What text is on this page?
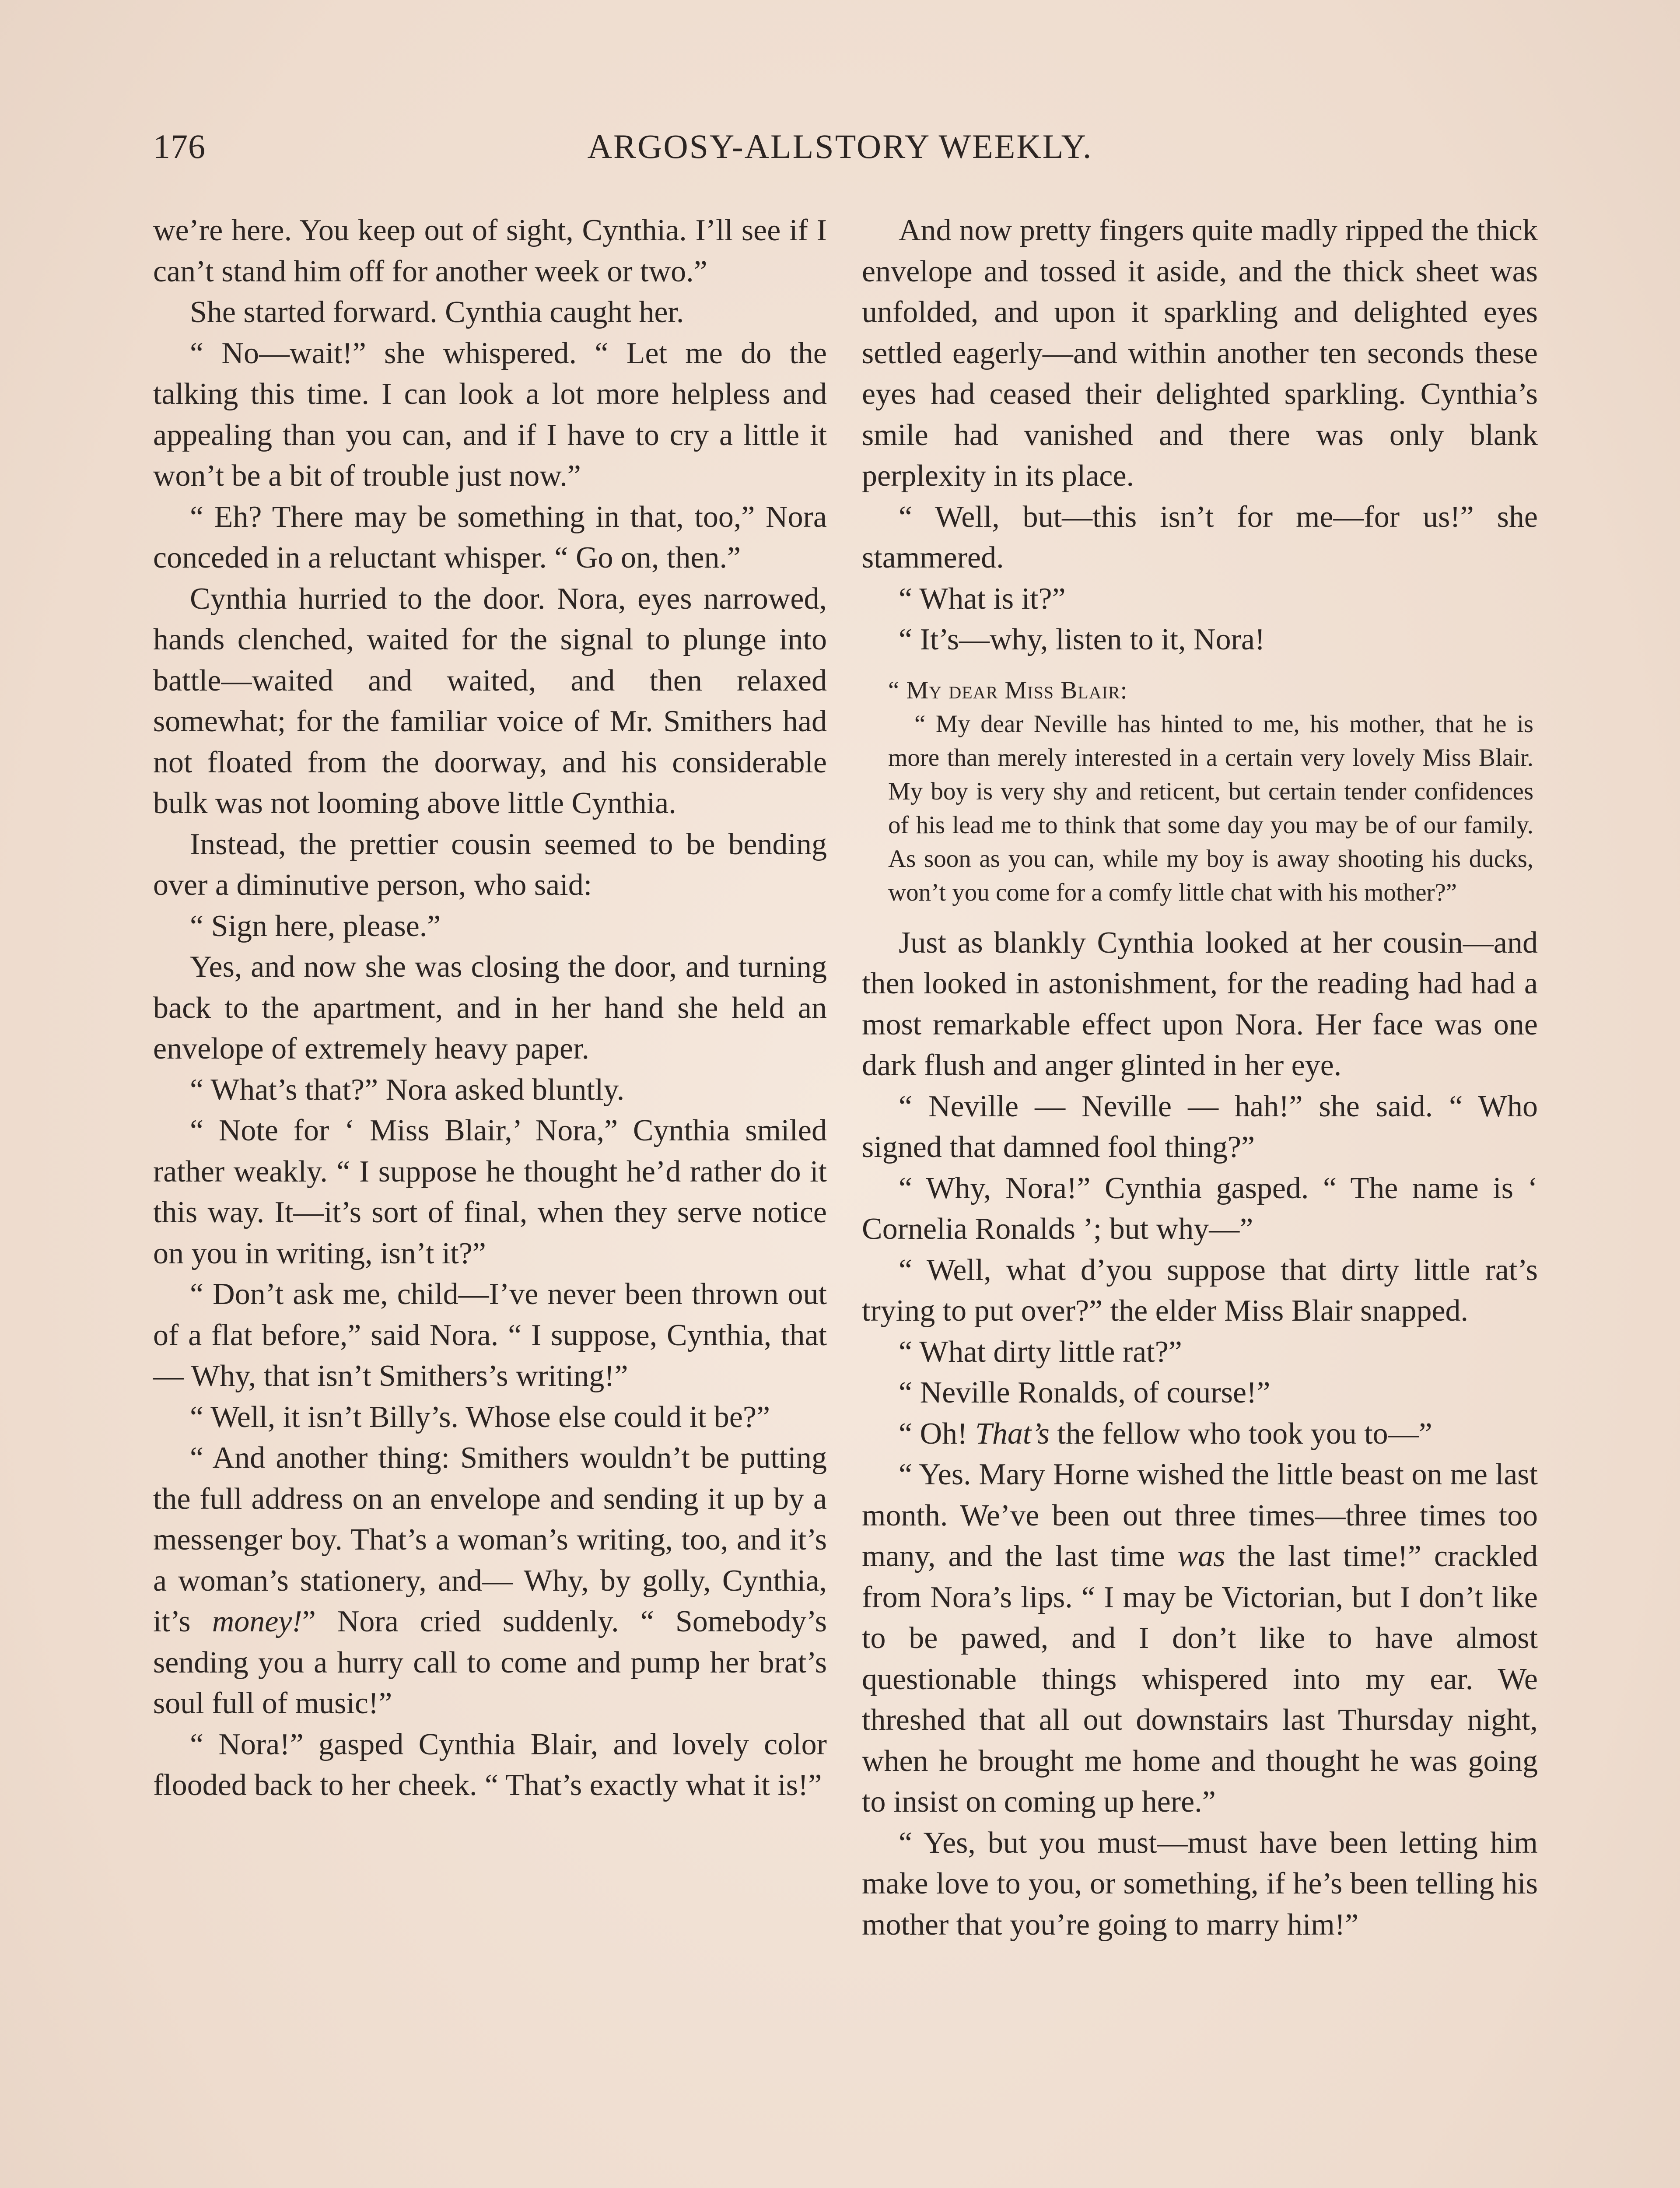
176	ARGOSY-ALLSTORY WEEKLY.

we’re here. You keep out of sight, Cynthia. I’ll see if I can’t stand him off for another week or two.”

She started forward. Cynthia caught her.

“ No—wait!” she whispered. “ Let me do the talking this time. I can look a lot more helpless and appealing than you can, and if I have to cry a little it won’t be a bit of trouble just now.”

“ Eh? There may be something in that, too,” Nora conceded in a reluctant whisper. “ Go on, then.”

Cynthia hurried to the door. Nora, eyes narrowed, hands clenched, waited for the signal to plunge into battle—waited and waited, and then relaxed somewhat; for the familiar voice of Mr. Smithers had not floated from the doorway, and his considerable bulk was not looming above little Cynthia.

Instead, the prettier cousin seemed to be bending over a diminutive person, who said:

“ Sign here, please.”

Yes, and now she was closing the door, and turning back to the apartment, and in her hand she held an envelope of extremely heavy paper.

“ What’s that?” Nora asked bluntly.

“ Note for ‘ Miss Blair,’ Nora,” Cynthia smiled rather weakly. “ I suppose he thought he’d rather do it this way. It—it’s sort of final, when they serve notice on you in writing, isn’t it?”

“ Don’t ask me, child—I’ve never been thrown out of a flat before,” said Nora. “ I suppose, Cynthia, that— Why, that isn’t Smithers’s writing!”

“ Well, it isn’t Billy’s. Whose else could it be?”

“ And another thing: Smithers wouldn’t be putting the full address on an envelope and sending it up by a messenger boy. That’s a woman’s writing, too, and it’s a woman’s stationery, and— Why, by golly, Cynthia, it’s money!” Nora cried suddenly. “ Somebody’s sending you a hurry call to come and pump her brat’s soul full of music!”

“ Nora!” gasped Cynthia Blair, and lovely color flooded back to her cheek. “ That’s exactly what it is!”

And now pretty fingers quite madly ripped the thick envelope and tossed it aside, and the thick sheet was unfolded, and upon it sparkling and delighted eyes settled eagerly—and within another ten seconds these eyes had ceased their delighted sparkling. Cynthia’s smile had vanished and there was only blank perplexity in its place.

“ Well, but—this isn’t for me—for us!” she stammered.

“ What is it?”

“ It’s—why, listen to it, Nora!

“ My dear Miss Blair:

“ My dear Neville has hinted to me, his mother, that he is more than merely interested in a certain very lovely Miss Blair. My boy is very shy and reticent, but certain tender confidences of his lead me to think that some day you may be of our family. As soon as you can, while my boy is away shooting his ducks, won’t you come for a comfy little chat with his mother?”

Just as blankly Cynthia looked at her cousin—and then looked in astonishment, for the reading had had a most remarkable effect upon Nora. Her face was one dark flush and anger glinted in her eye.

“ Neville — Neville — hah!” she said. “ Who signed that damned fool thing?”

“ Why, Nora!” Cynthia gasped. “ The name is ‘ Cornelia Ronalds ’; but why—”

“ Well, what d’you suppose that dirty little rat’s trying to put over?” the elder Miss Blair snapped.

“ What dirty little rat?”

“ Neville Ronalds, of course!”

“ Oh! That’s the fellow who took you to—”

“ Yes. Mary Horne wished the little beast on me last month. We’ve been out three times—three times too many, and the last time was the last time!” crackled from Nora’s lips. “ I may be Victorian, but I don’t like to be pawed, and I don’t like to have almost questionable things whispered into my ear. We threshed that all out downstairs last Thursday night, when he brought me home and thought he was going to insist on coming up here.”

“ Yes, but you must—must have been letting him make love to you, or something, if he’s been telling his mother that you’re going to marry him!”
